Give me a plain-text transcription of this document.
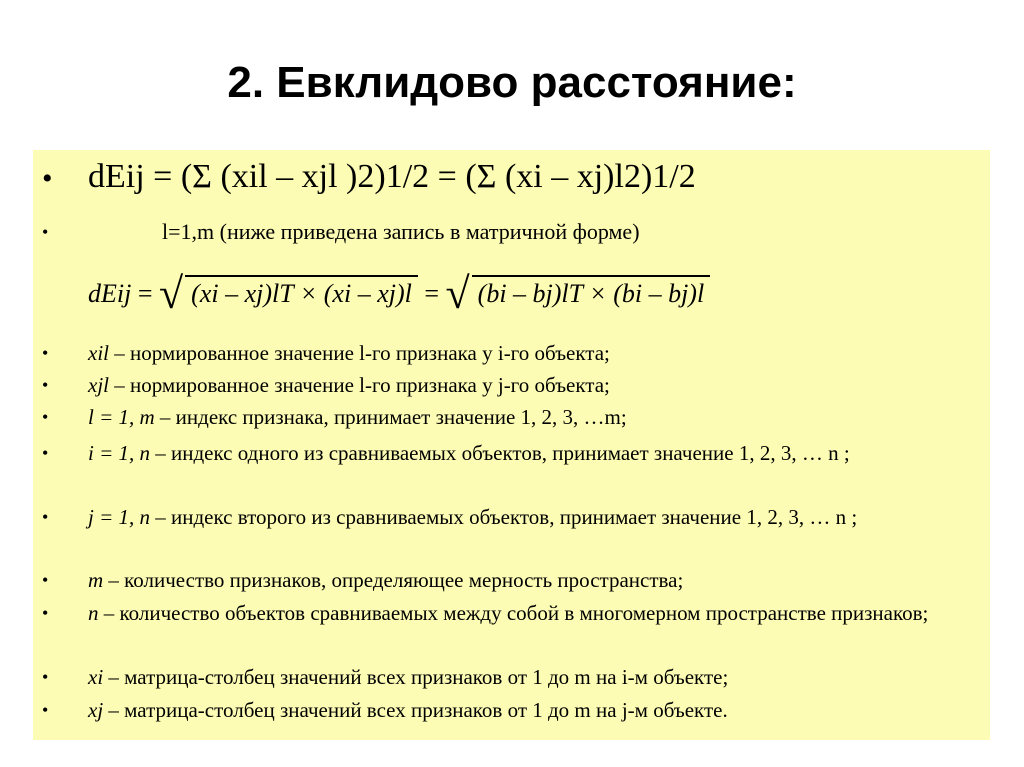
2. Евклидово расстояние:
• dEij = (Σ (xil – xjl )2)1/2 = (Σ (xi – xj)l2)1/2
•	l=1,m (ниже приведена запись в матричной форме)
dEij = √ (xi – xj)lT × (xi – xj)l = √ (bi – bj)lT × (bi – bj)l
• xil – нормированное значение l-го признака у i-го объекта;
• xjl – нормированное значение l-го признака у j-го объекта;
• l = 1, m – индекс признака, принимает значение 1, 2, 3, …m;
• i = 1, n – индекс одного из сравниваемых объектов, принимает значение 1, 2, 3, … n ;
• j = 1, n – индекс второго из сравниваемых объектов, принимает значение 1, 2, 3, … n ;
• m – количество признаков, определяющее мерность пространства;
• n – количество объектов сравниваемых между собой в многомерном пространстве признаков;
• xi – матрица-столбец значений всех признаков от 1 до m на i-м объекте;
• xj – матрица-столбец значений всех признаков от 1 до m на j-м объекте.
